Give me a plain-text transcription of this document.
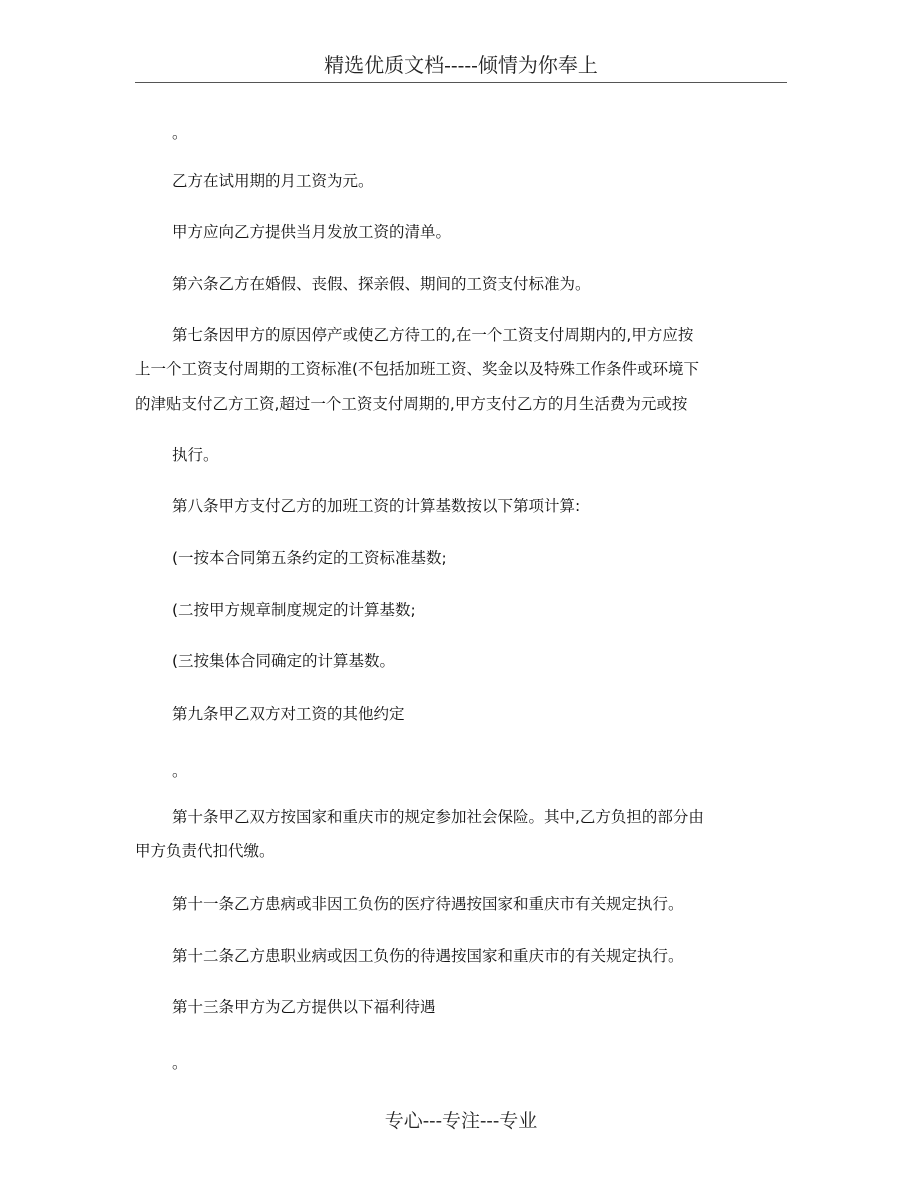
精选优质文档-----倾情为你奉上
。
乙方在试用期的月工资为元。
甲方应向乙方提供当月发放工资的清单。
第六条乙方在婚假、丧假、探亲假、期间的工资支付标准为。
第七条因甲方的原因停产或使乙方待工的,在一个工资支付周期内的,甲方应按
上一个工资支付周期的工资标准(不包括加班工资、奖金以及特殊工作条件或环境下
的津贴支付乙方工资,超过一个工资支付周期的,甲方支付乙方的月生活费为元或按
执行。
第八条甲方支付乙方的加班工资的计算基数按以下第项计算:
(一按本合同第五条约定的工资标准基数;
(二按甲方规章制度规定的计算基数;
(三按集体合同确定的计算基数。
第九条甲乙双方对工资的其他约定
。
第十条甲乙双方按国家和重庆市的规定参加社会保险。其中,乙方负担的部分由
甲方负责代扣代缴。
第十一条乙方患病或非因工负伤的医疗待遇按国家和重庆市有关规定执行。
第十二条乙方患职业病或因工负伤的待遇按国家和重庆市的有关规定执行。
第十三条甲方为乙方提供以下福利待遇
。
专心---专注---专业
